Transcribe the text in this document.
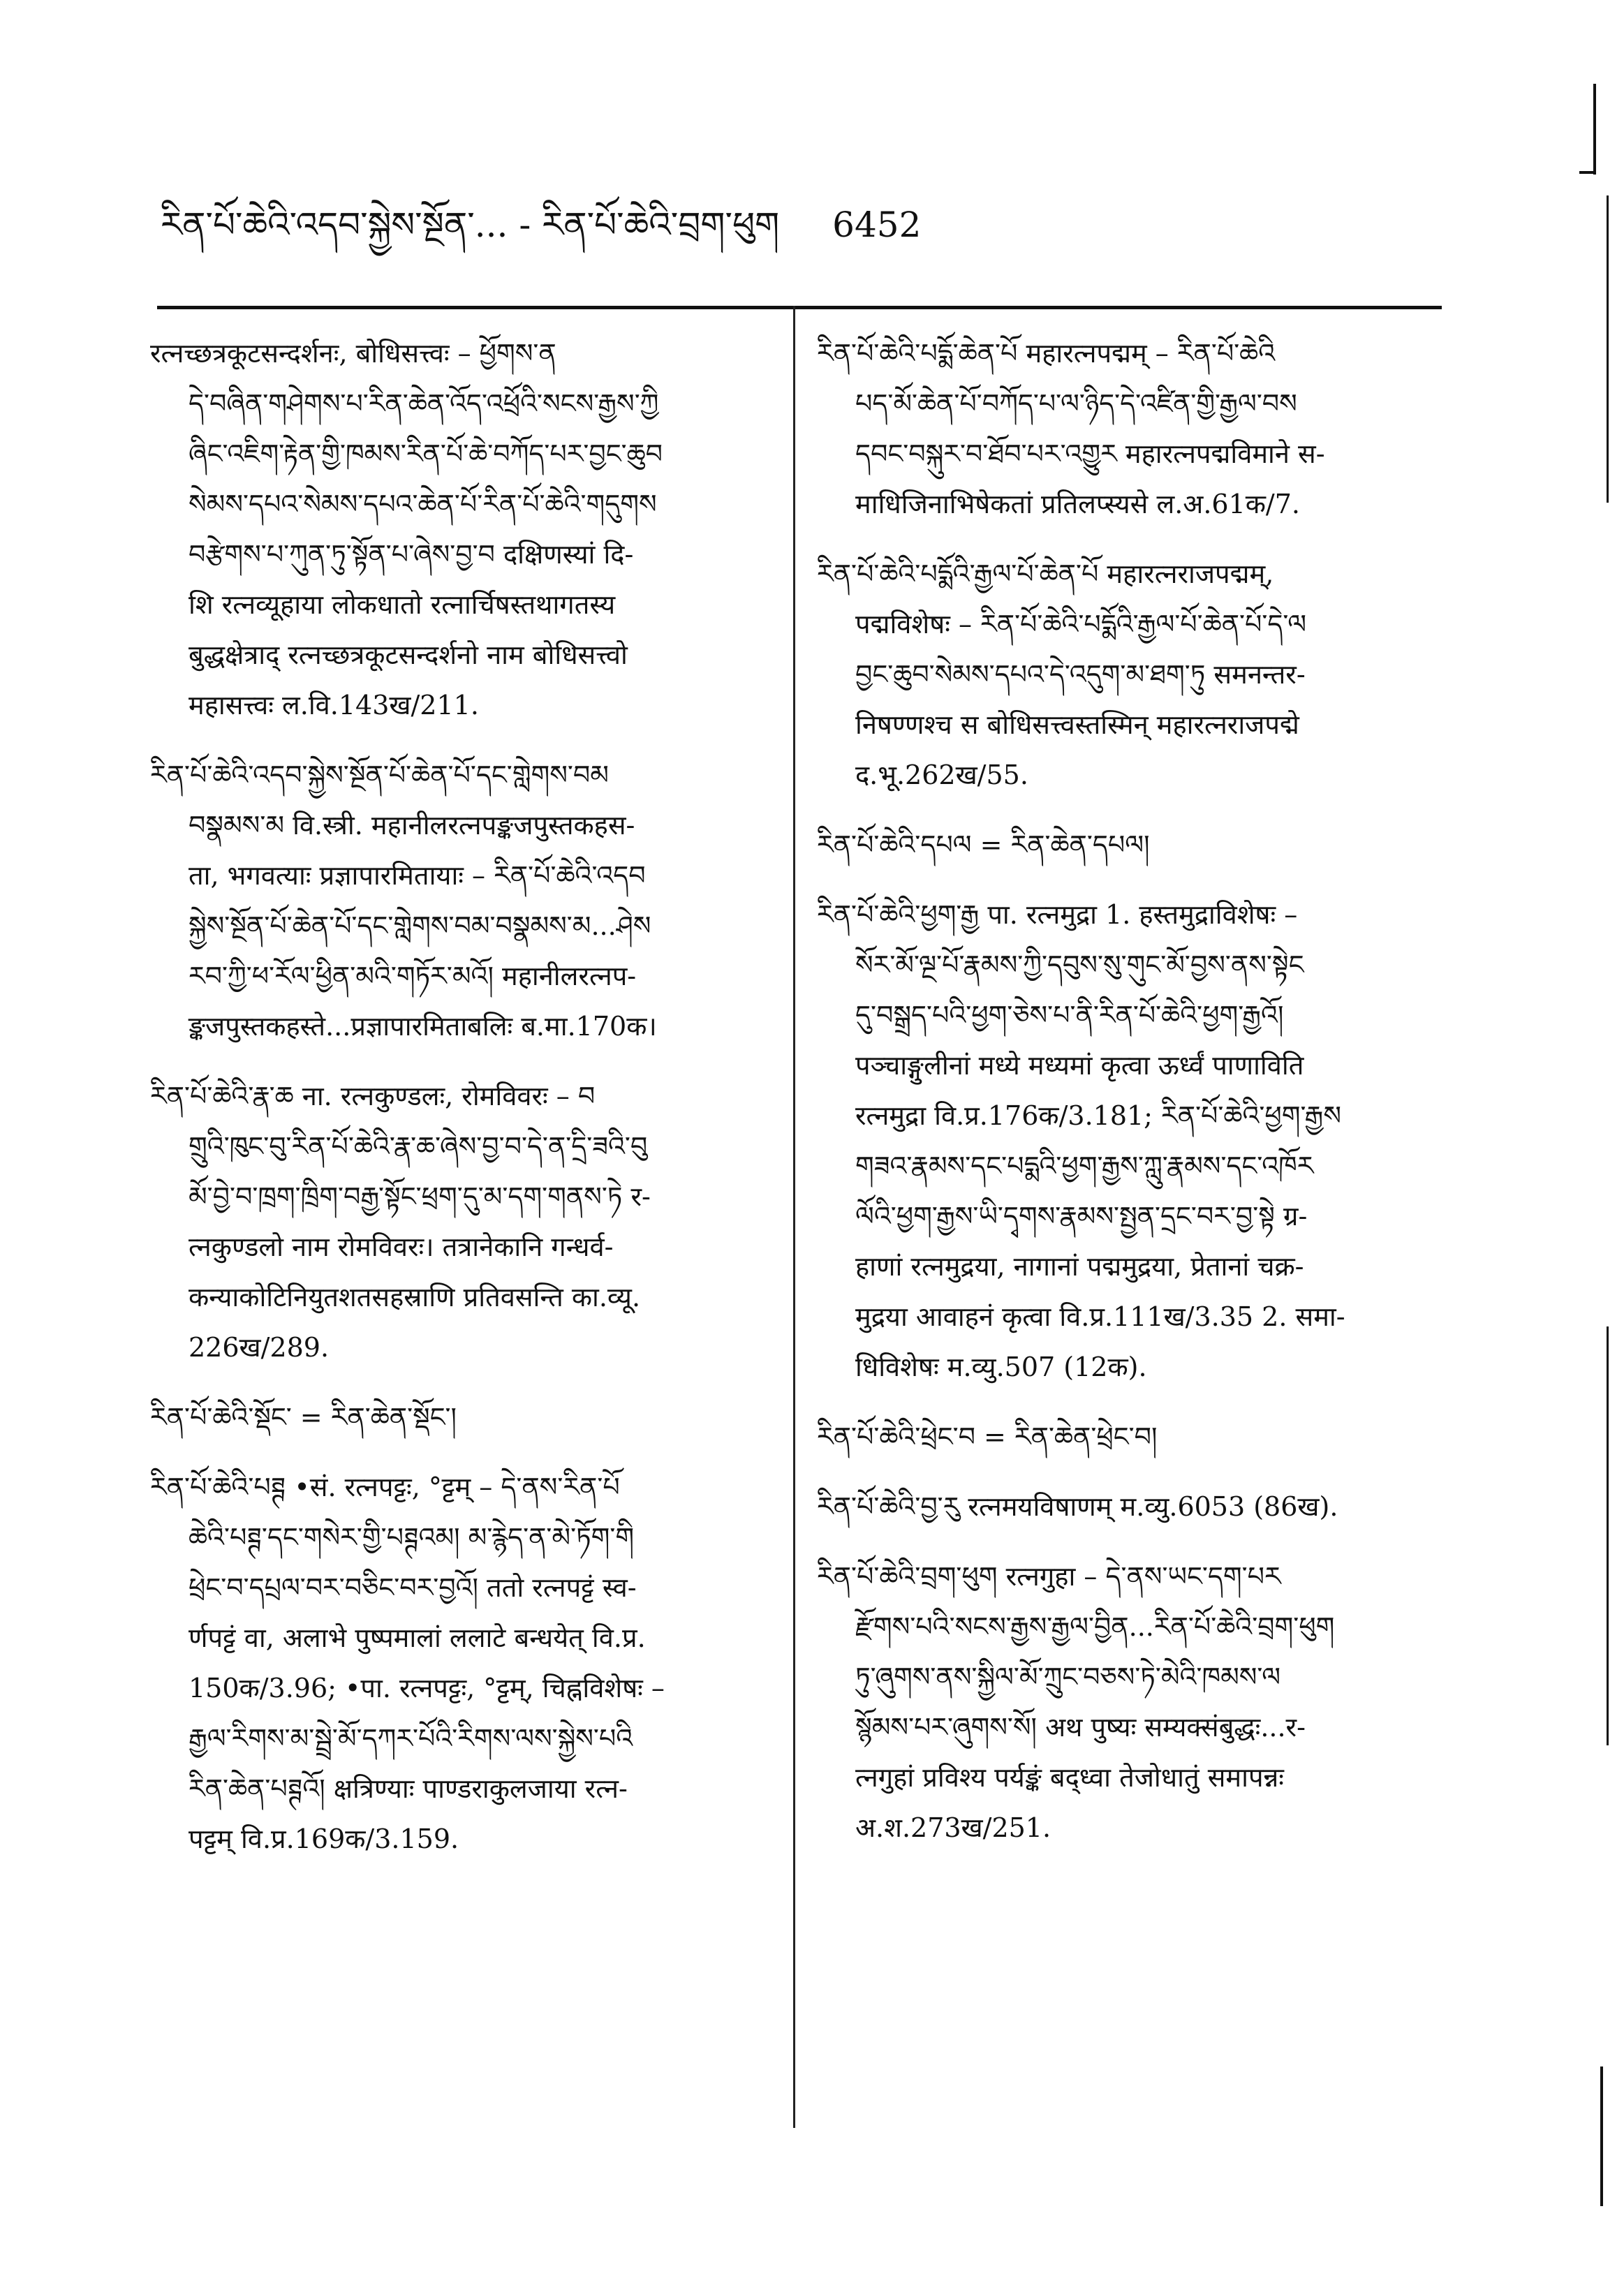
རིན་པོ་ཆེའི་འདབ་སྐྱེས་སྔོན་... - རིན་པོ་ཆེའི་བྲག་ཕུག 6452

रत्नच्छत्रकूटसन्दर्शनः, बोधिसत्त्वः – ཕྱོགས་ན

དེ་བཞིན་གཤེགས་པ་རིན་ཆེན་འོད་འཕྲོའི་སངས་རྒྱས་ཀྱི

ཞིང་འཇིག་རྟེན་གྱི་ཁམས་རིན་པོ་ཆེ་བཀོད་པར་བྱང་ཆུབ

སེམས་དཔའ་སེམས་དཔའ་ཆེན་པོ་རིན་པོ་ཆེའི་གདུགས

བརྩེགས་པ་ཀུན་ཏུ་སྟོན་པ་ཞེས་བྱ་བ दक्षिणस्यां दि-

शि रत्नव्यूहाया लोकधातो रत्नार्चिषस्तथागतस्य

बुद्धक्षेत्राद् रत्नच्छत्रकूटसन्दर्शनो नाम बोधिसत्त्वो

महासत्त्वः ल.वि.143ख/211.

རིན་པོ་ཆེའི་འདབ་སྐྱེས་སྔོན་པོ་ཆེན་པོ་དང་གླེགས་བམ

བསྣམས་མ वि.स्त्री. महानीलरत्नपङ्कजपुस्तकहस-

ता, भगवत्याः प्रज्ञापारमितायाः – རིན་པོ་ཆེའི་འདབ

སྐྱེས་སྔོན་པོ་ཆེན་པོ་དང་གླེགས་བམ་བསྣམས་མ...ཤེས

རབ་ཀྱི་ཕ་རོལ་ཕྱིན་མའི་གཏོར་མའོ། महानीलरत्नप-

ङ्कजपुस्तकहस्ते...प्रज्ञापारमिताबलिः ब.मा.170क।

རིན་པོ་ཆེའི་རྣ་ཆ ना. रत्नकुण्डलः, रोमविवरः – བ

གྲུའི་ཁུང་བུ་རིན་པོ་ཆེའི་རྣ་ཆ་ཞེས་བྱ་བ་དེ་ན་དྲི་ཟའི་བུ

མོ་བྱེ་བ་ཁྲག་ཁྲིག་བརྒྱ་སྟོང་ཕྲག་དུ་མ་དག་གནས་ཏེ र-

त्नकुण्डलो नाम रोमविवरः। तत्रानेकानि गन्धर्व-

कन्याकोटिनियुतशतसहस्राणि प्रतिवसन्ति का.व्यू.

226ख/289.

རིན་པོ་ཆེའི་སྡོང་ = རིན་ཆེན་སྡོང་།

རིན་པོ་ཆེའི་པཊྚ •सं. रत्नपट्टः, °ट्टम् – དེ་ནས་རིན་པོ

ཆེའི་པཊྚ་དང་གསེར་གྱི་པཊྚའམ། མ་རྙེད་ན་མེ་ཏོག་གི

ཕྲེང་བ་དཔྲལ་བར་བཅིང་བར་བྱའོ། ततो रत्नपट्टं स्व-

र्णपट्टं वा, अलाभे पुष्पमालां ललाटे बन्धयेत् वि.प्र.

150क/3.96; •पा. रत्नपट्टः, °ट्टम्, चिह्नविशेषः –

རྒྱལ་རིགས་མ་སྦྲེ་མོ་དཀར་པོའི་རིགས་ལས་སྐྱེས་པའི

རིན་ཆེན་པཊྚའོ། क्षत्रिण्याः पाण्डराकुलजाया रत्न-

पट्टम् वि.प्र.169क/3.159.

རིན་པོ་ཆེའི་པདྨོ་ཆེན་པོ महारत्नपद्मम् – རིན་པོ་ཆེའི

པད་མོ་ཆེན་པོ་བཀོད་པ་ལ་ཉིད་དེ་འཛིན་གྱི་རྒྱལ་བས

དབང་བསྐུར་བ་ཐོབ་པར་འགྱུར महारत्नपद्मविमाने स-

माधिजिनाभिषेकतां प्रतिलप्स्यसे ल.अ.61क/7.

རིན་པོ་ཆེའི་པདྨོའི་རྒྱལ་པོ་ཆེན་པོ महारत्नराजपद्मम्,

पद्मविशेषः – རིན་པོ་ཆེའི་པདྨོའི་རྒྱལ་པོ་ཆེན་པོ་དེ་ལ

བྱང་ཆུབ་སེམས་དཔའ་དེ་འདུག་མ་ཐག་ཏུ समनन्तर-

निषण्णश्च स बोधिसत्त्वस्तस्मिन् महारत्नराजपद्मे

द.भू.262ख/55.

རིན་པོ་ཆེའི་དཔལ = རིན་ཆེན་དཔལ།

རིན་པོ་ཆེའི་ཕྱག་རྒྱ पा. रत्नमुद्रा 1. हस्तमुद्राविशेषः –

སོར་མོ་ལྔ་པོ་རྣམས་ཀྱི་དབུས་སུ་གུང་མོ་བྱས་ནས་སྟེང

དུ་བསྒྲད་པའི་ཕྱག་ཅེས་པ་ནི་རིན་པོ་ཆེའི་ཕྱག་རྒྱའོ།

पञ्चाङ्गुलीनां मध्ये मध्यमां कृत्वा ऊर्ध्वं पाणाविति

रत्नमुद्रा वि.प्र.176क/3.181; རིན་པོ་ཆེའི་ཕྱག་རྒྱས

གཟའ་རྣམས་དང་པདྨའི་ཕྱག་རྒྱས་ཀླུ་རྣམས་དང་འཁོར

ལོའི་ཕྱག་རྒྱས་ཡི་དྭགས་རྣམས་སྤྱན་དྲང་བར་བྱ་སྟེ ग्र-

हाणां रत्नमुद्रया, नागानां पद्ममुद्रया, प्रेतानां चक्र-

मुद्रया आवाहनं कृत्वा वि.प्र.111ख/3.35 2. समा-

धिविशेषः म.व्यु.507 (12क).

རིན་པོ་ཆེའི་ཕྲེང་བ = རིན་ཆེན་ཕྲེང་བ།

རིན་པོ་ཆེའི་བྱ་རུ रत्नमयविषाणम् म.व्यु.6053 (86ख).

རིན་པོ་ཆེའི་བྲག་ཕུག रत्नगुहा – དེ་ནས་ཡང་དག་པར

རྫོགས་པའི་སངས་རྒྱས་རྒྱལ་བྱིན...རིན་པོ་ཆེའི་བྲག་ཕུག

ཏུ་ཞུགས་ནས་སྐྱིལ་མོ་ཀྲུང་བཅས་ཏེ་མེའི་ཁམས་ལ

སྙོམས་པར་ཞུགས་སོ། अथ पुष्यः सम्यक्संबुद्धः...र-

त्नगुहां प्रविश्य पर्यङ्कं बद्ध्वा तेजोधातुं समापन्नः

अ.श.273ख/251.
